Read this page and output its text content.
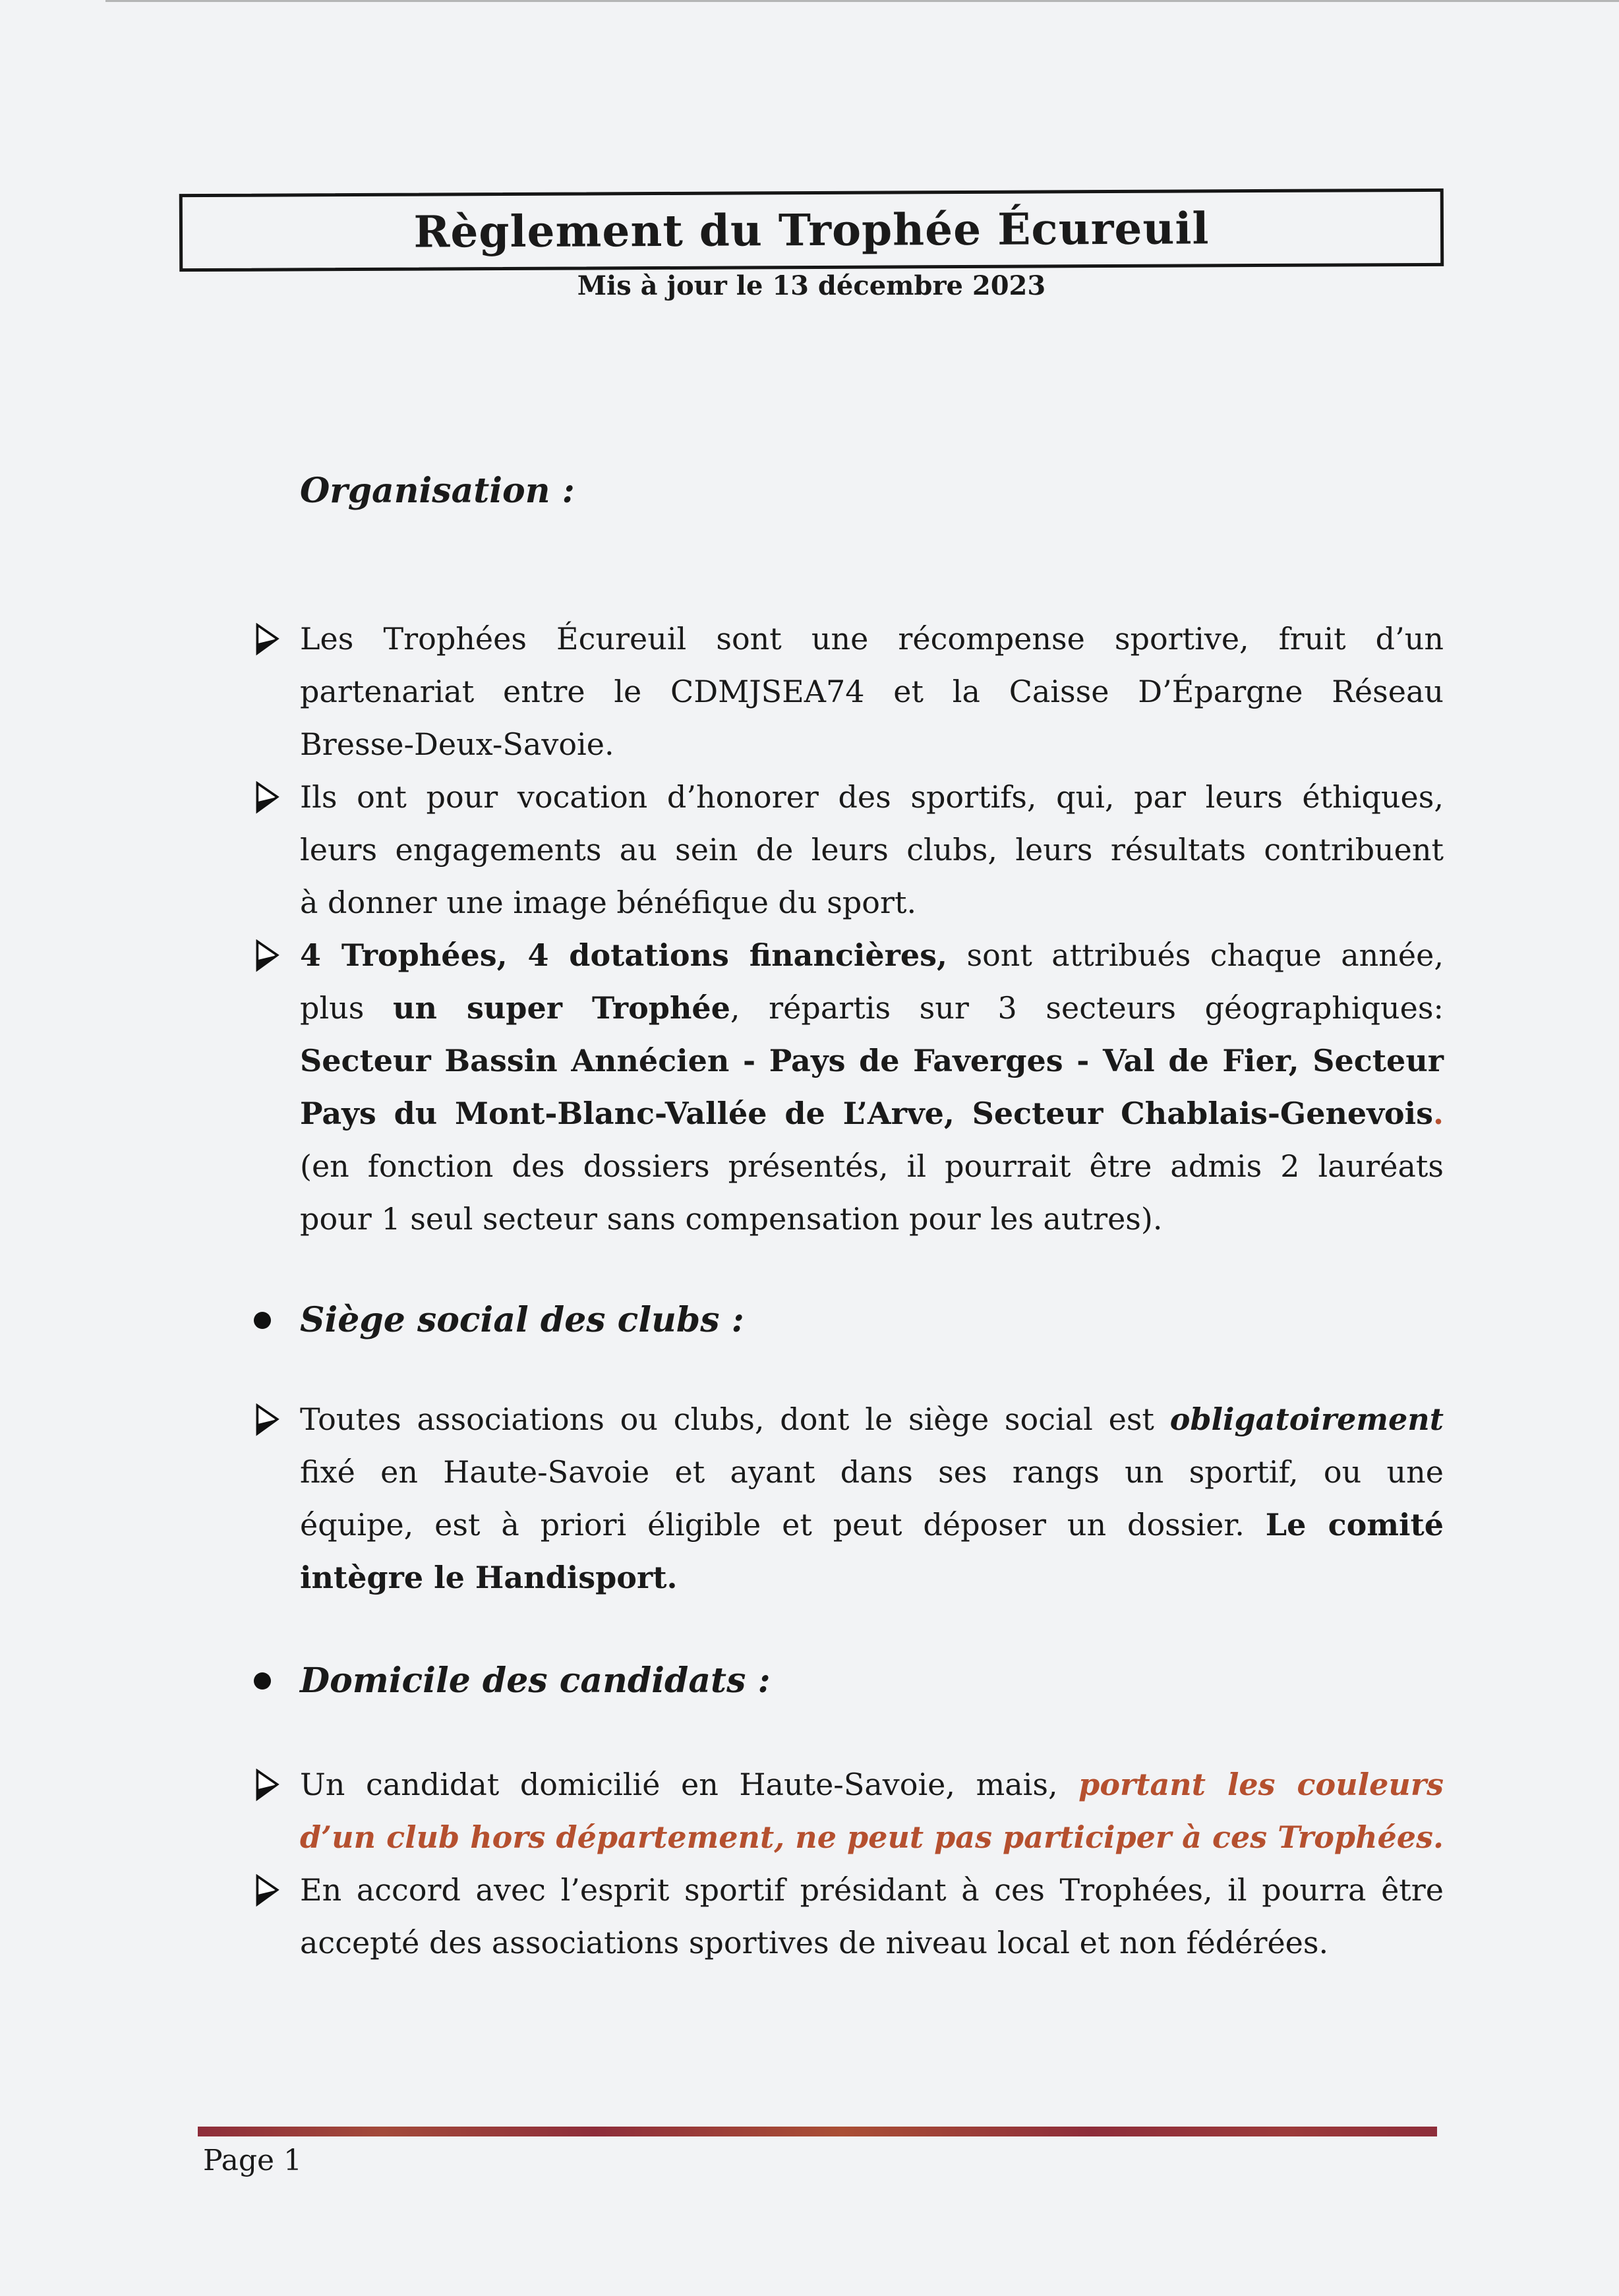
Règlement du Trophée Écureuil
Mis à jour le 13 décembre 2023
Organisation :
Les Trophées Écureuil sont une récompense sportive, fruit d’un
partenariat entre le CDMJSEA74 et la Caisse D’Épargne Réseau
Bresse-Deux-Savoie.
Ils ont pour vocation d’honorer des sportifs, qui, par leurs éthiques,
leurs engagements au sein de leurs clubs, leurs résultats contribuent
à donner une image bénéfique du sport.
4 Trophées, 4 dotations financières, sont attribués chaque année,
plus un super Trophée, répartis sur 3 secteurs géographiques:
Secteur Bassin Annécien - Pays de Faverges - Val de Fier, Secteur
Pays du Mont-Blanc-Vallée de L’Arve, Secteur Chablais-Genevois.
(en fonction des dossiers présentés, il pourrait être admis 2 lauréats
pour 1 seul secteur sans compensation pour les autres).
Siège social des clubs :
Toutes associations ou clubs, dont le siège social est obligatoirement
fixé en Haute-Savoie et ayant dans ses rangs un sportif, ou une
équipe, est à priori éligible et peut déposer un dossier. Le comité
intègre le Handisport.
Domicile des candidats :
Un candidat domicilié en Haute-Savoie, mais, portant les couleurs
d’un club hors département, ne peut pas participer à ces Trophées.
En accord avec l’esprit sportif présidant à ces Trophées, il pourra être
accepté des associations sportives de niveau local et non fédérées.
Page 1
